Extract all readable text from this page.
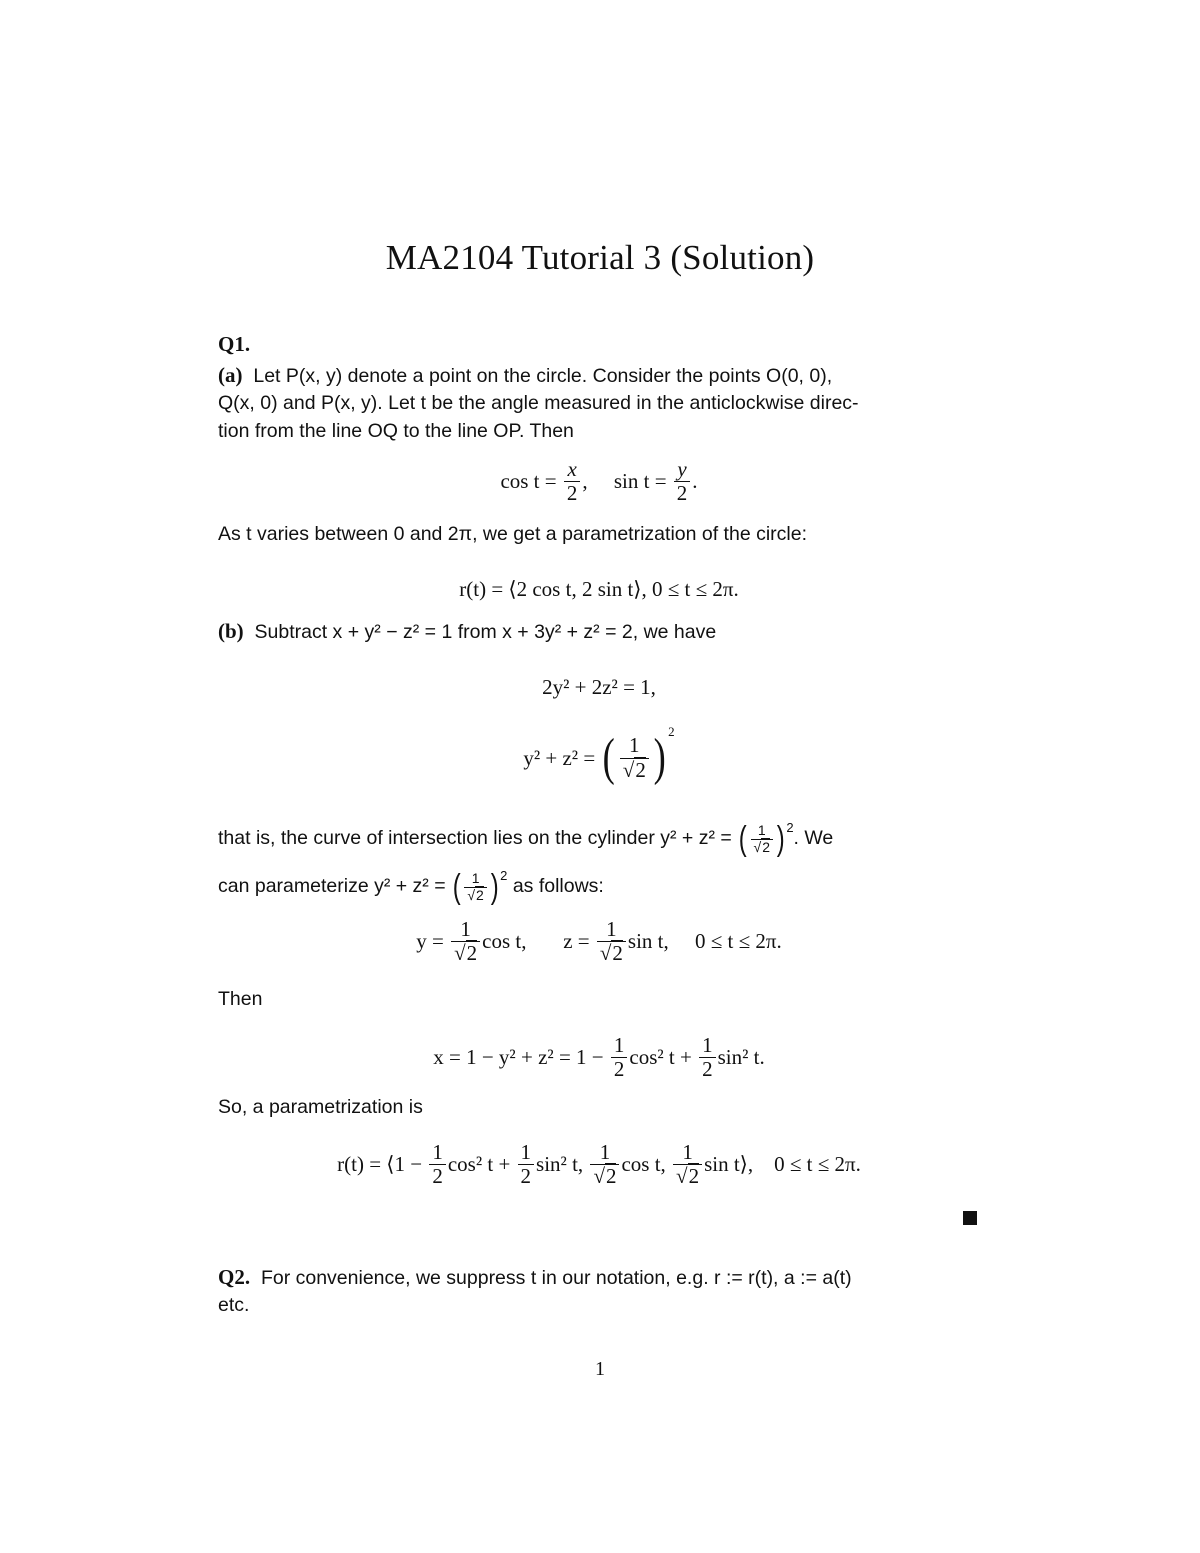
MA2104 Tutorial 3 (Solution)
Q1.
(a) Let P(x, y) denote a point on the circle. Consider the points O(0, 0),
Q(x, 0) and P(x, y). Let t be the angle measured in the anticlockwise direc-
tion from the line OQ to the line OP. Then
$\cos t = \frac{x}{2}$ ,     $\sin t = \frac{y}{2}$ .
As t varies between 0 and 2π, we get a parametrization of the circle:
r(t) = ⟨2 cos t, 2 sin t⟩, 0 ≤ t ≤ 2π.
(b) Subtract x + y² − z² = 1 from x + 3y² + z² = 2, we have
2y² + 2z² = 1,
y² + z² = ( $\frac{1}{√2}$ ) $^2$
that is, the curve of intersection lies on the cylinder y² + z² = ( $\frac{1}{√2}$ ) $^2$. We
can parameterize y² + z² = ( $\frac{1}{√2}$ ) $^2$ as follows:
$y = \frac{1}{√2}$ cos t, $z = \frac{1}{√2}$ sin t, 0 ≤ t ≤ 2π.
Then
$x = 1 - y^2 + z^2 = 1 - \frac{1}{2} \cos^2$ $t + \frac{1}{2} \sin^2$ t.
So, a parametrization is
r(t) = ⟨1 − $\frac{1}{2} \cos^2$ $t + \frac{1}{2} \sin^2$ t, $\frac{1}{√2}$ cos t, $\frac{1}{√2}$ sin t⟩, 0 ≤ t ≤ 2π.
Q2. For convenience, we suppress t in our notation, e.g. r := r(t), a := a(t)
etc.
1
